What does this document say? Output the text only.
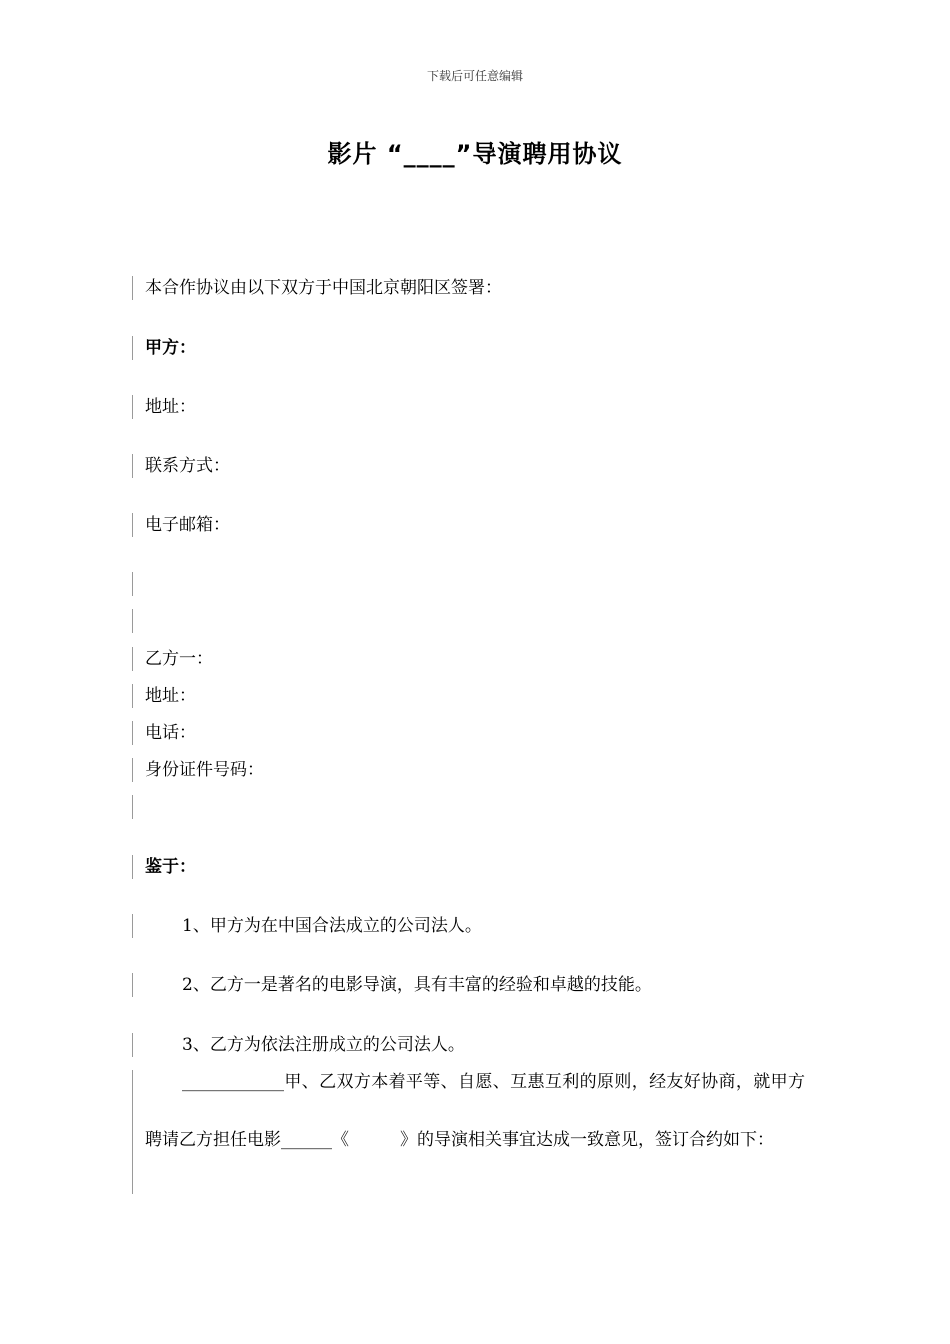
下载后可任意编辑
影片 “____”导演聘用协议
本合作协议由以下双方于中国北京朝阳区签署：
甲方：
地址：
联系方式：
电子邮箱：
乙方一：
地址：
电话：
身份证件号码：
鉴于：
1、甲方为在中国合法成立的公司法人。
2、乙方一是著名的电影导演，具有丰富的经验和卓越的技能。
3、乙方为依法注册成立的公司法人。
____________甲、乙双方本着平等、自愿、互惠互利的原则，经友好协商，就甲方聘请乙方担任电影______《　　　》的导演相关事宜达成一致意见，签订合约如下：
